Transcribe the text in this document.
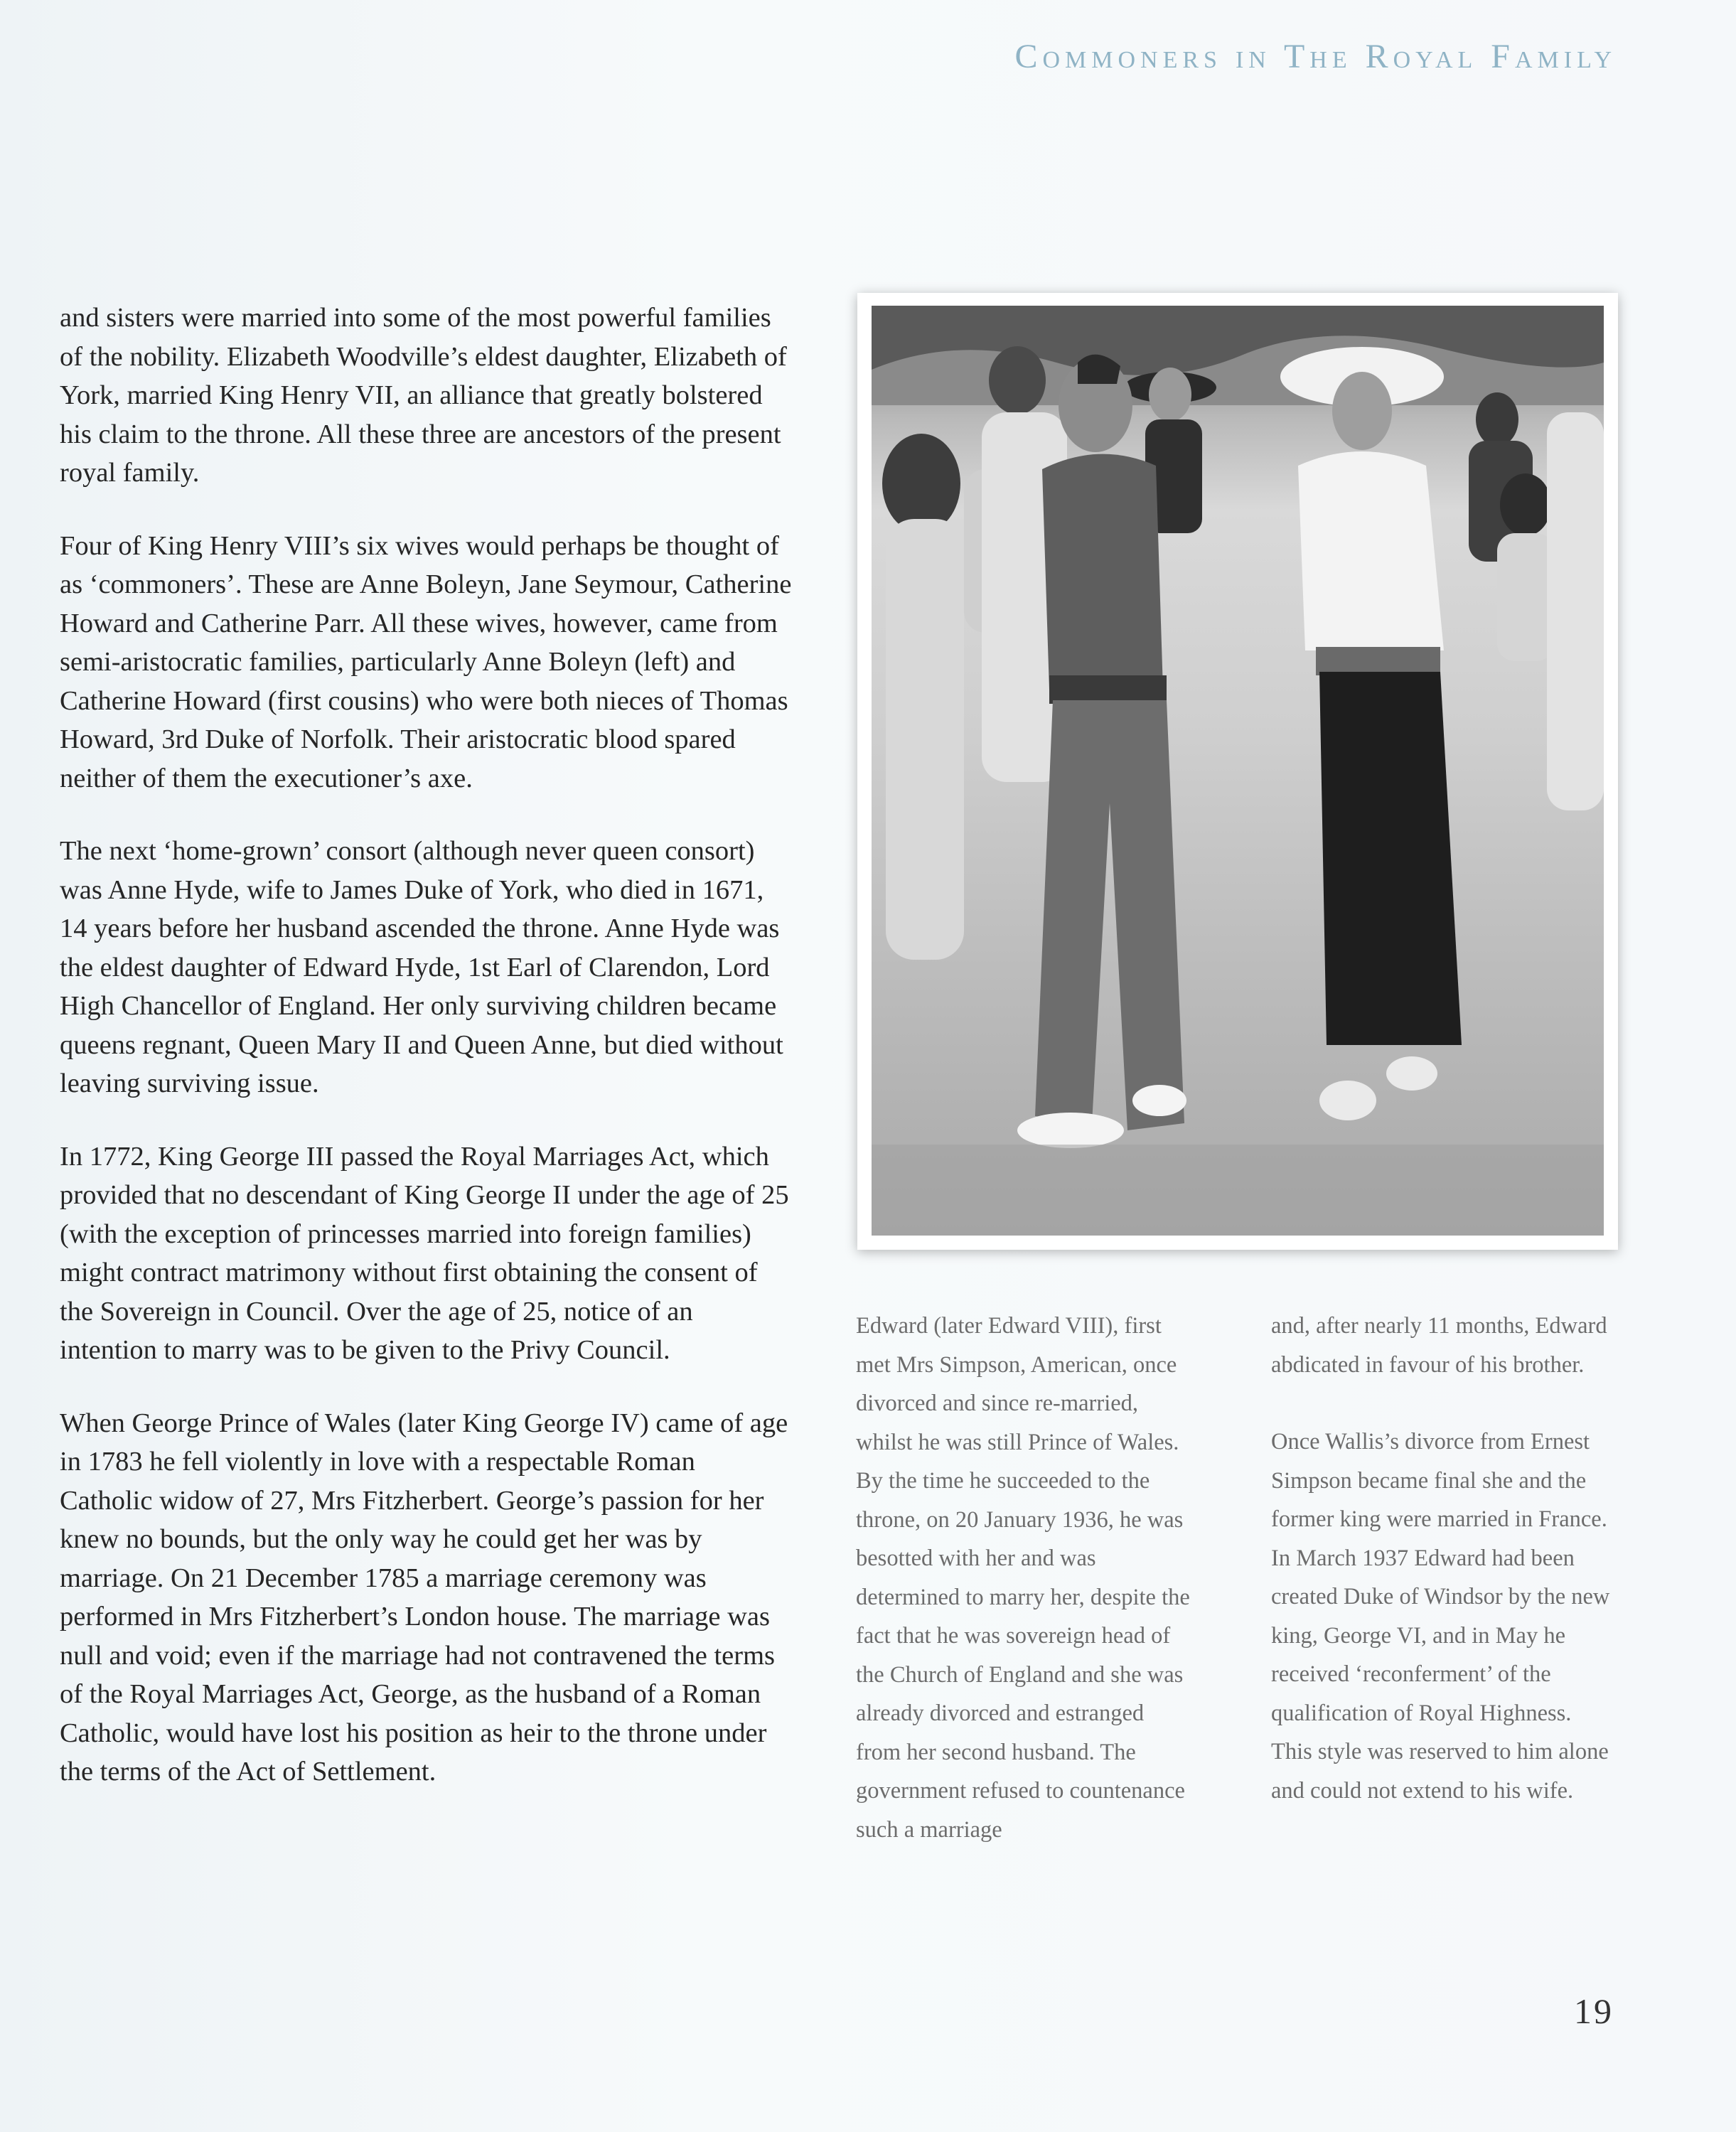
Commoners in The Royal Family

and sisters were married into some of the most powerful families of the nobility. Elizabeth Woodville’s eldest daughter, Elizabeth of York, married King Henry VII, an alliance that greatly bolstered his claim to the throne. All these three are ancestors of the present royal family.

Four of King Henry VIII’s six wives would perhaps be thought of as ‘commoners’. These are Anne Boleyn, Jane Seymour, Catherine Howard and Catherine Parr. All these wives, however, came from semi-aristocratic families, particularly Anne Boleyn (left) and Catherine Howard (first cousins) who were both nieces of Thomas Howard, 3rd Duke of Norfolk. Their aristocratic blood spared neither of them the executioner’s axe.

The next ‘home-grown’ consort (although never queen consort) was Anne Hyde, wife to James Duke of York, who died in 1671, 14 years before her husband ascended the throne. Anne Hyde was the eldest daughter of Edward Hyde, 1st Earl of Clarendon, Lord High Chancellor of England. Her only surviving children became queens regnant, Queen Mary II and Queen Anne, but died without leaving surviving issue.

In 1772, King George III passed the Royal Marriages Act, which provided that no descendant of King George II under the age of 25 (with the exception of princesses married into foreign families) might contract matrimony without first obtaining the consent of the Sovereign in Council. Over the age of 25, notice of an intention to marry was to be given to the Privy Council.

When George Prince of Wales (later King George IV) came of age in 1783 he fell violently in love with a respectable Roman Catholic widow of 27, Mrs Fitzherbert. George’s passion for her knew no bounds, but the only way he could get her was by marriage. On 21 December 1785 a marriage ceremony was performed in Mrs Fitzherbert’s London house. The marriage was null and void; even if the marriage had not contravened the terms of the Royal Marriages Act, George, as the husband of a Roman Catholic, would have lost his position as heir to the throne under the terms of the Act of Settlement.

Edward (later Edward VIII), first met Mrs Simpson, American, once divorced and since re-married, whilst he was still Prince of Wales. By the time he succeeded to the throne, on 20 January 1936, he was besotted with her and was determined to marry her, despite the fact that he was sovereign head of the Church of England and she was already divorced and estranged from her second husband. The government refused to countenance such a marriage

and, after nearly 11 months, Edward abdicated in favour of his brother.

Once Wallis’s divorce from Ernest Simpson became final she and the former king were married in France. In March 1937 Edward had been created Duke of Windsor by the new king, George VI, and in May he received ‘reconferment’ of the qualification of Royal Highness. This style was reserved to him alone and could not extend to his wife.

19
